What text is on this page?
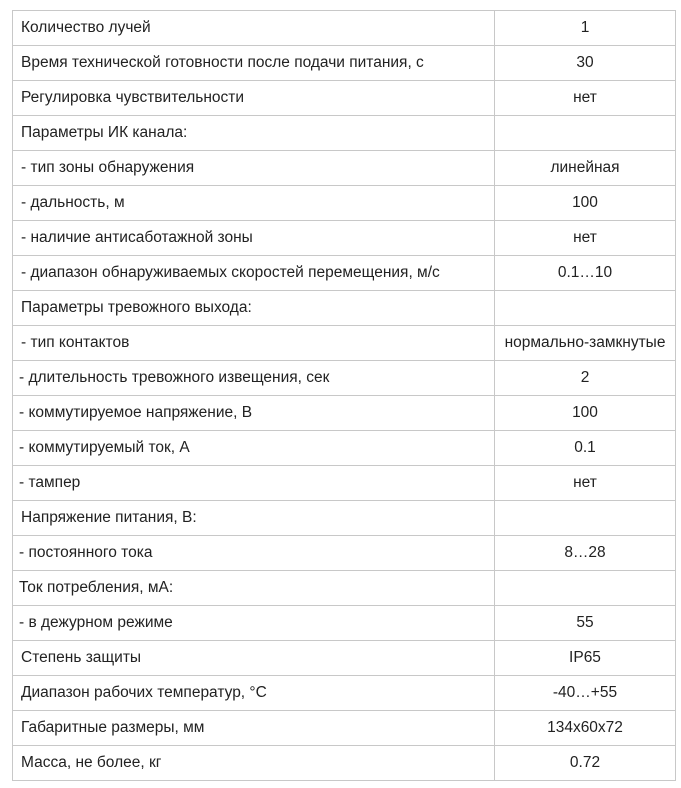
Количество лучей	1
Время технической готовности после подачи питания, с	30
Регулировка чувствительности	нет
Параметры ИК канала:	
- тип зоны обнаружения	линейная
- дальность, м	100
- наличие антисаботажной зоны	нет
- диапазон обнаруживаемых скоростей перемещения, м/с	0.1…10
Параметры тревожного выхода:	
- тип контактов	нормально-замкнутые
- длительность тревожного извещения, сек	2
- коммутируемое напряжение, В	100
- коммутируемый ток, А	0.1
- тампер	нет
Напряжение питания, В:	
- постоянного тока	8…28
Ток потребления, мА:	
- в дежурном режиме	55
Степень защиты	IP65
Диапазон рабочих температур, °С	-40…+55
Габаритные размеры, мм	134х60х72
Масса, не более, кг	0.72
